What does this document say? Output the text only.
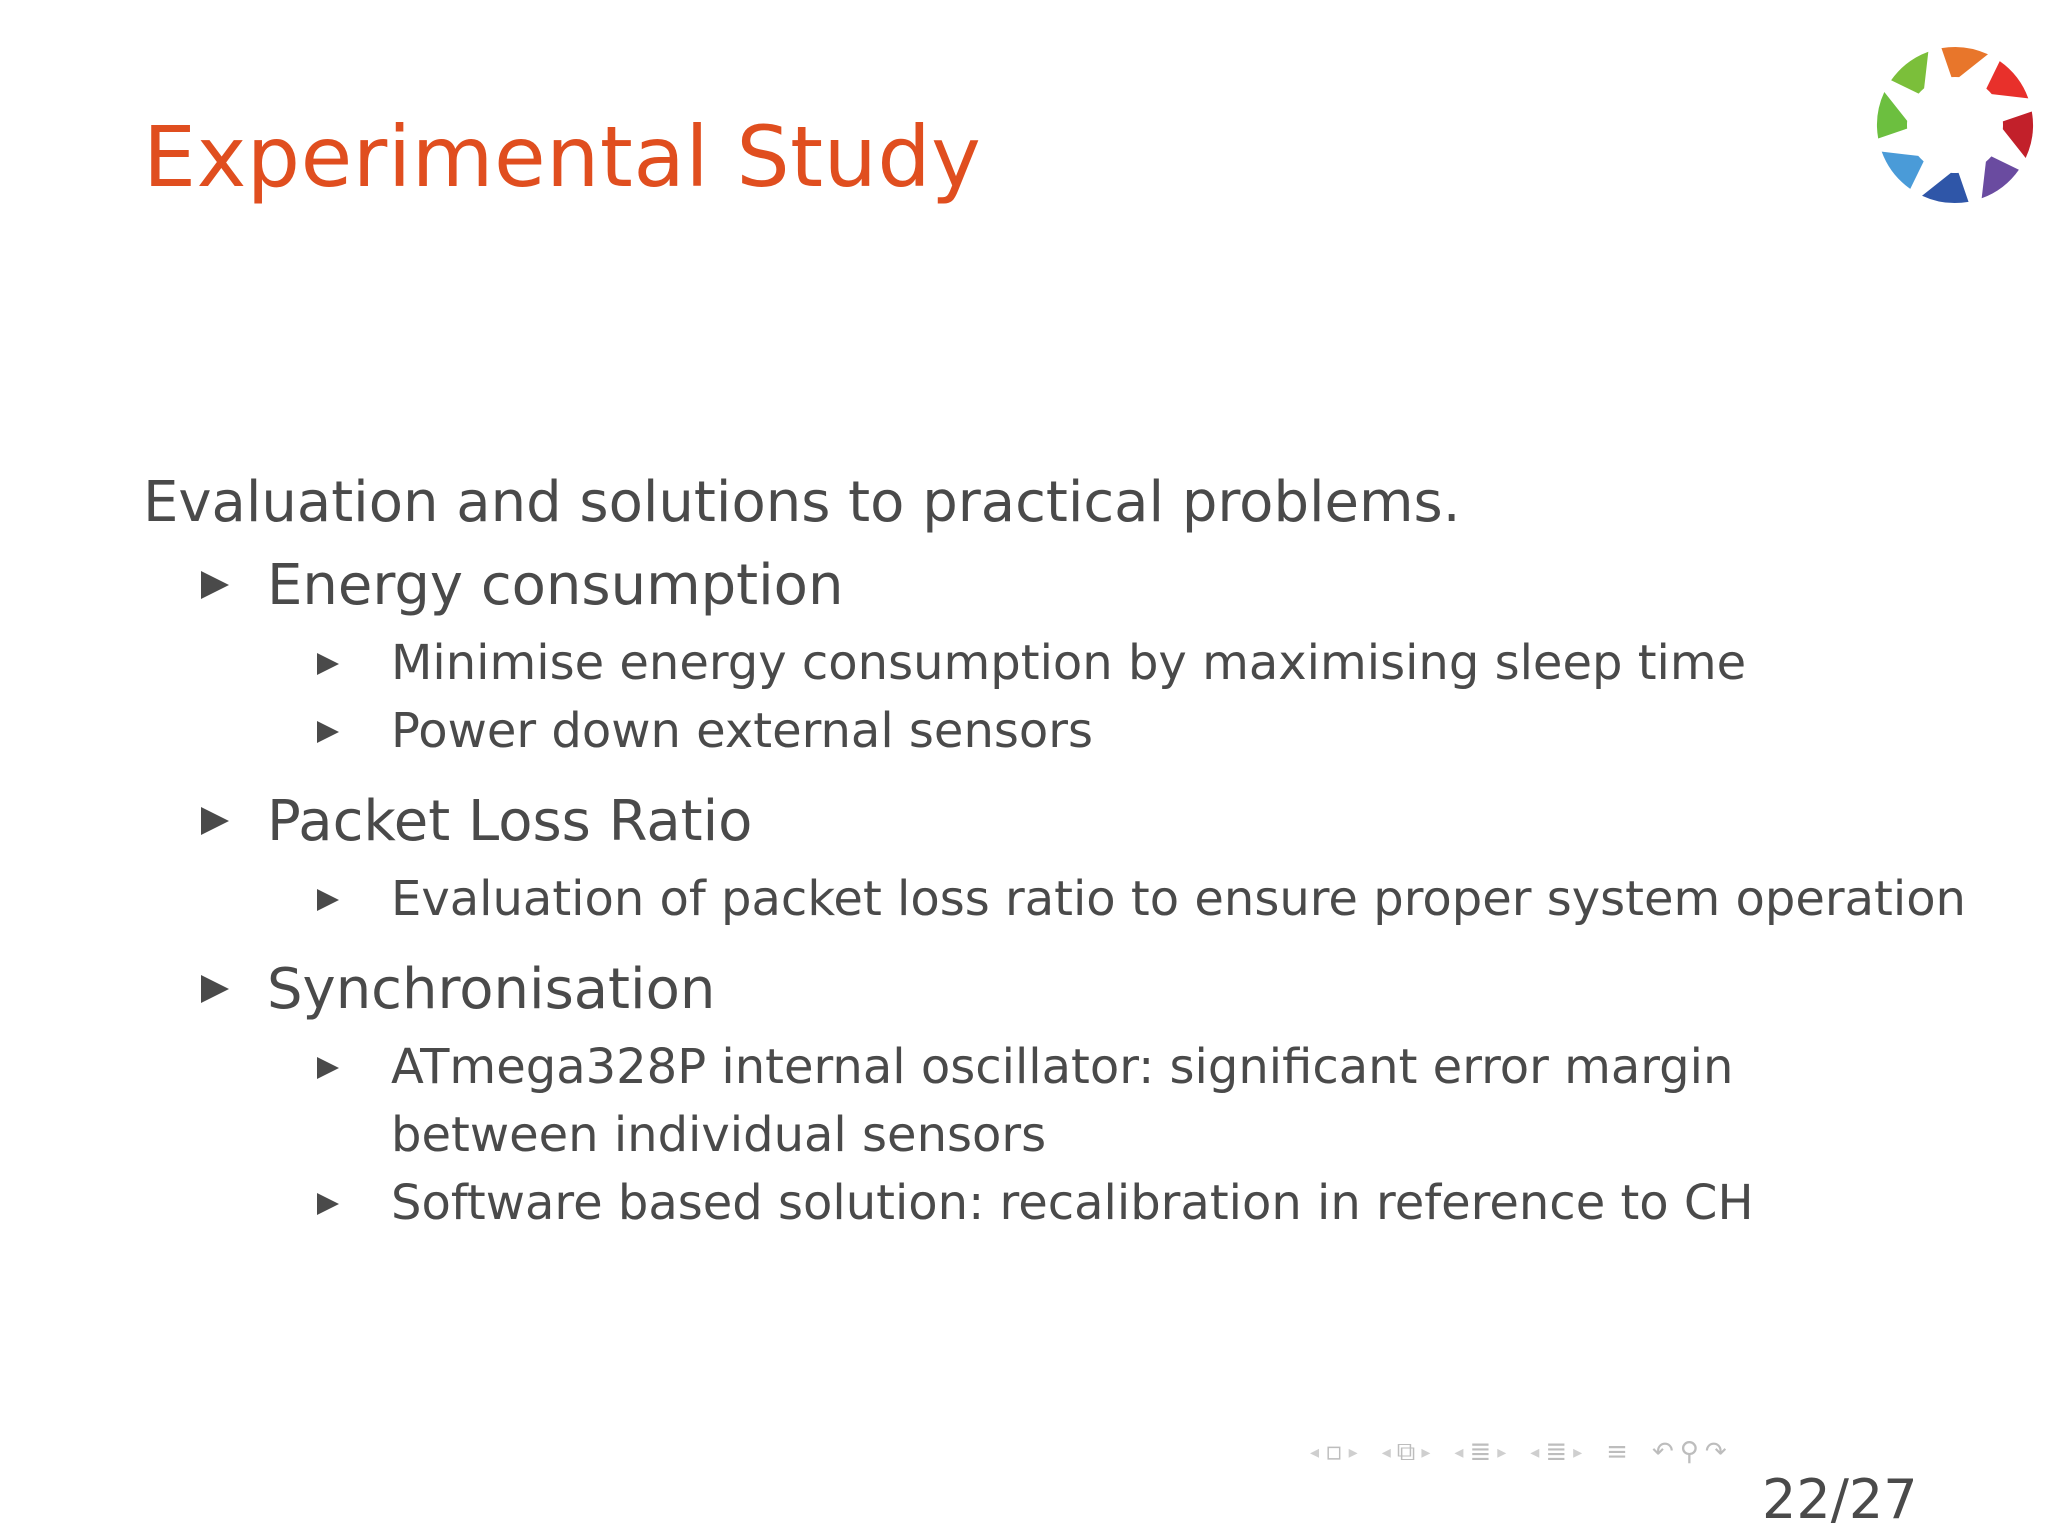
Experimental Study

Evaluation and solutions to practical problems.

Energy consumption
Minimise energy consumption by maximising sleep time
Power down external sensors
Packet Loss Ratio
Evaluation of packet loss ratio to ensure proper system operation
Synchronisation
ATmega328P internal oscillator: significant error margin between individual sensors
Software based solution: recalibration in reference to CH
◂ ▫ ▸ ◂ ⧉ ▸ ◂ ≣ ▸ ◂ ≣ ▸ ≡ ↶ ⚲ ↷
22/27
